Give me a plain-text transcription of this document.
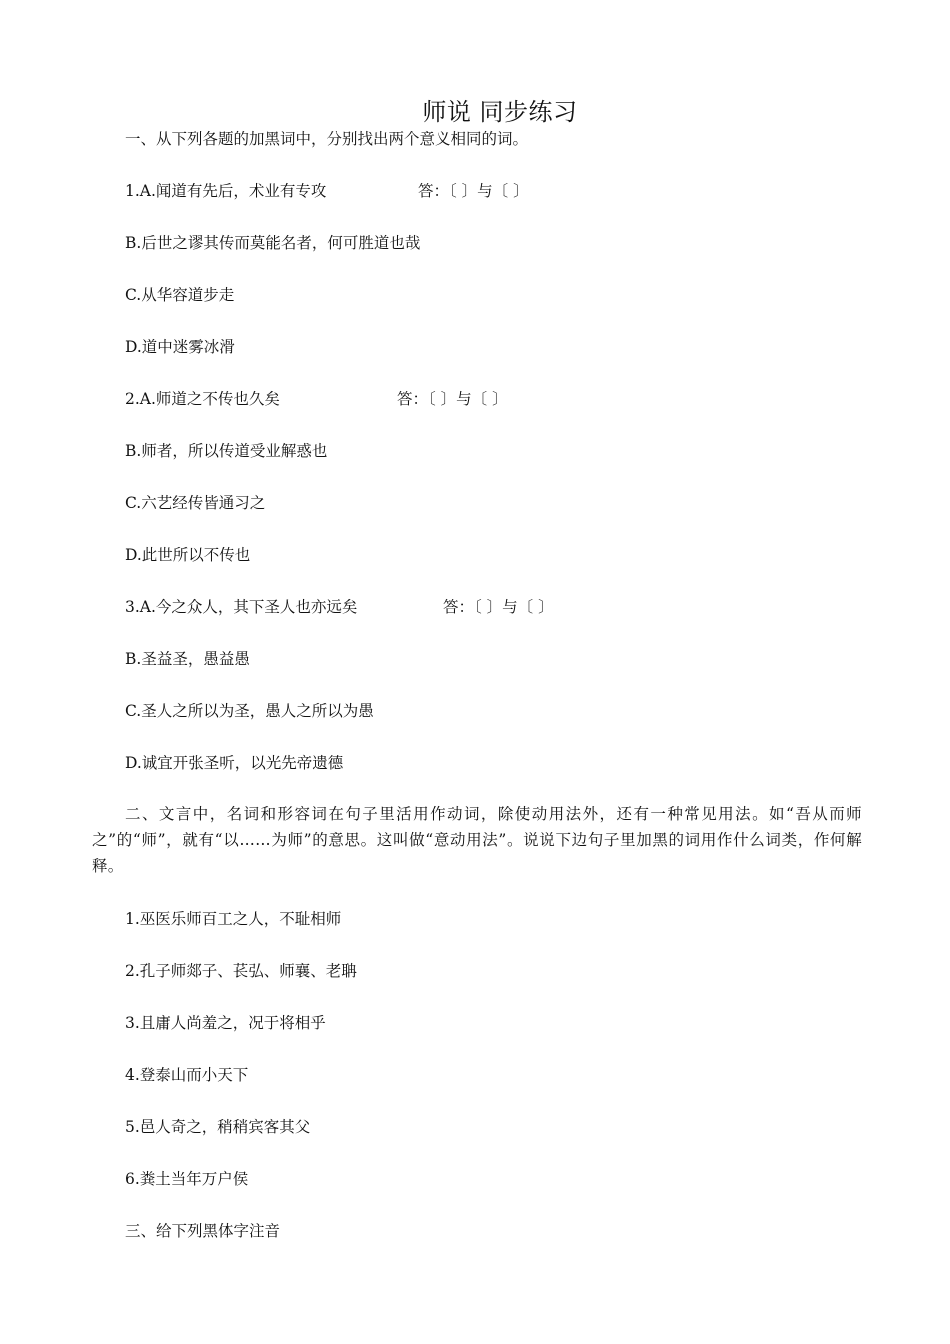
师说 同步练习
一、从下列各题的加黑词中，分别找出两个意义相同的词。
1.A.闻道有先后，术业有专攻	答：〔 〕与〔 〕
B.后世之谬其传而莫能名者，何可胜道也哉
C.从华容道步走
D.道中迷雾冰滑
2.A.师道之不传也久矣	答：〔 〕与〔 〕
B.师者，所以传道受业解惑也
C.六艺经传皆通习之
D.此世所以不传也
3.A.今之众人，其下圣人也亦远矣	答：〔 〕与〔 〕
B.圣益圣，愚益愚
C.圣人之所以为圣，愚人之所以为愚
D.诚宜开张圣听，以光先帝遗德
二、文言中，名词和形容词在句子里活用作动词，除使动用法外，还有一种常见用法。如“吾从而师之”的“师”，就有“以……为师”的意思。这叫做“意动用法”。说说下边句子里加黑的词用作什么词类，作何解释。
1.巫医乐师百工之人，不耻相师
2.孔子师郯子、苌弘、师襄、老聃
3.且庸人尚羞之，况于将相乎
4.登泰山而小天下
5.邑人奇之，稍稍宾客其父
6.粪土当年万户侯
三、给下列黑体字注音
